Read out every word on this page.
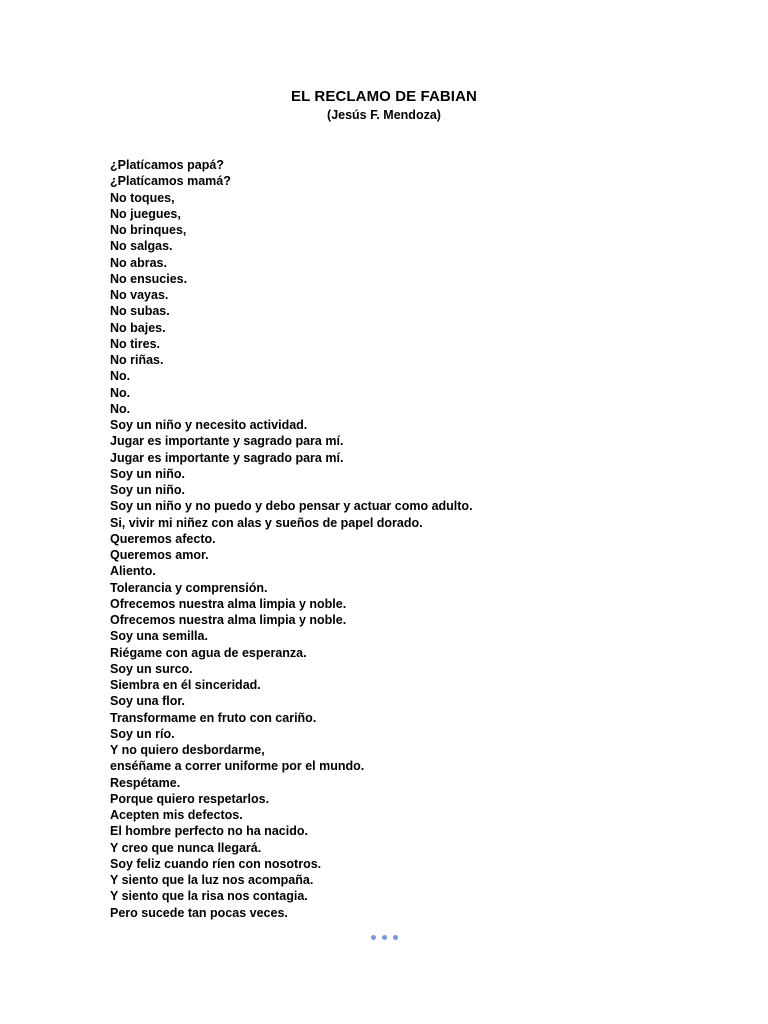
EL RECLAMO DE FABIAN
(Jesús F. Mendoza)
¿Platícamos papá?
¿Platícamos mamá?
No toques,
No juegues,
No brinques,
No salgas.
No abras.
No ensucies.
No vayas.
No subas.
No bajes.
No tires.
No riñas.
No.
No.
No.
Soy un niño y necesito actividad.
Jugar es importante y sagrado para mí.
Jugar es importante y sagrado para mí.
Soy un niño.
Soy un niño.
Soy un niño y no puedo y debo pensar y actuar como adulto.
Si, vivir mi niñez con alas y sueños de papel dorado.
Queremos afecto.
Queremos amor.
Aliento.
Tolerancia y comprensión.
Ofrecemos nuestra alma limpia y noble.
Ofrecemos nuestra alma limpia y noble.
Soy una semilla.
Riégame con agua de esperanza.
Soy un surco.
Siembra en él sinceridad.
Soy una flor.
Transformame en fruto con cariño.
Soy un río.
Y no quiero desbordarme,
enséñame a correr uniforme por el mundo.
Respétame.
Porque quiero respetarlos.
Acepten mis defectos.
El hombre perfecto no ha nacido.
Y creo que nunca llegará.
Soy feliz cuando ríen con nosotros.
Y siento que la luz nos acompaña.
Y siento que la risa nos contagia.
Pero sucede tan pocas veces.
